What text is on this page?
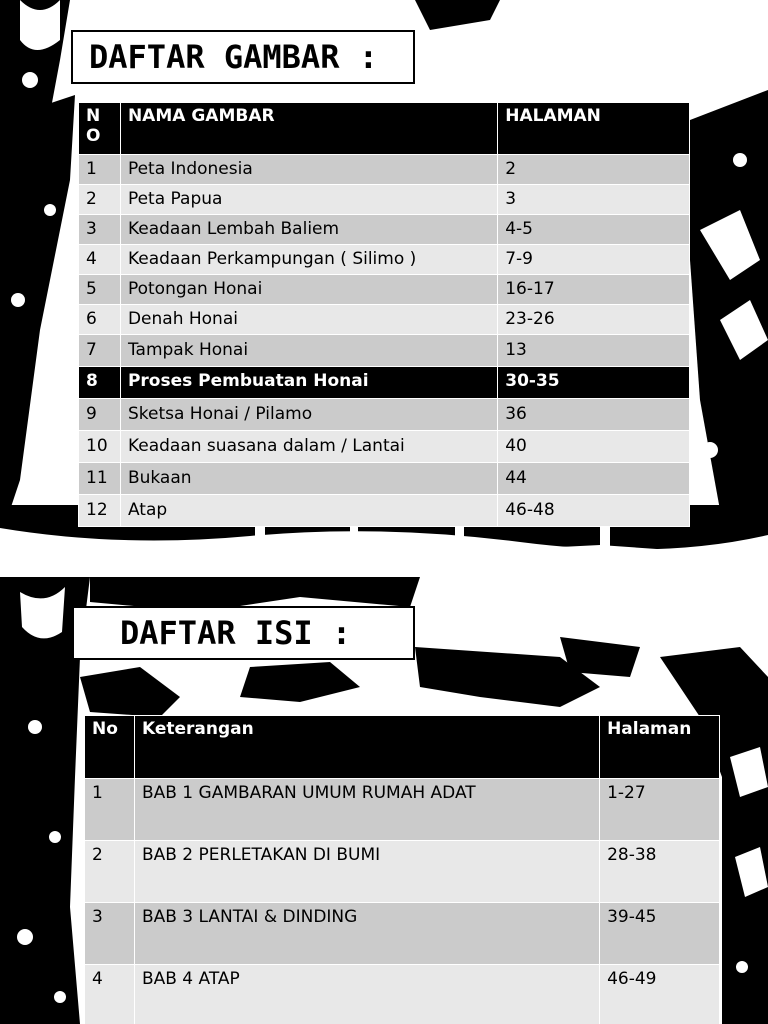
DAFTAR GAMBAR :
N
O	NAMA GAMBAR	HALAMAN
1	Peta Indonesia	2
2	Peta Papua	3
3	Keadaan Lembah Baliem	4-5
4	Keadaan Perkampungan ( Silimo )	7-9
5	Potongan Honai	16-17
6	Denah Honai	23-26
7	Tampak Honai	13
8	Proses Pembuatan Honai	30-35
9	Sketsa Honai / Pilamo	36
10	Keadaan suasana dalam / Lantai	40
11	Bukaan	44
12	Atap	46-48
DAFTAR ISI :
No	Keterangan	Halaman
1	BAB 1 GAMBARAN UMUM RUMAH ADAT	1-27
2	BAB 2 PERLETAKAN DI BUMI	28-38
3	BAB 3 LANTAI & DINDING	39-45
4	BAB 4 ATAP	46-49
